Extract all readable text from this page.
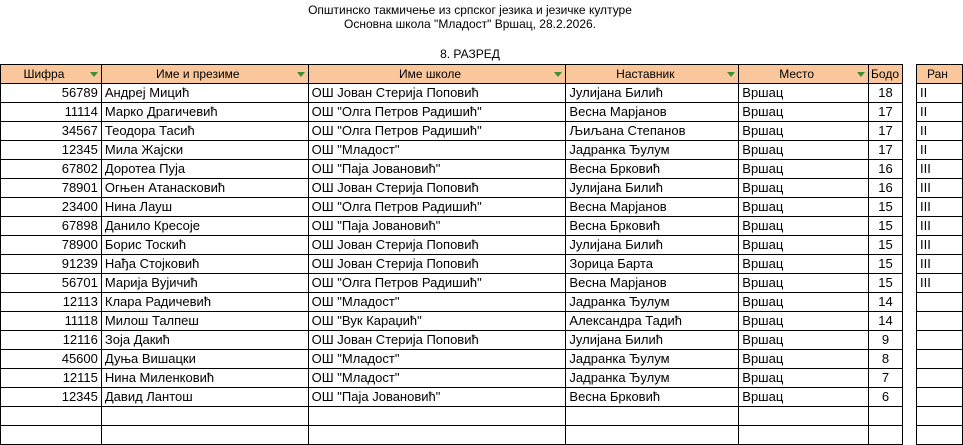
Општинско такмичење из српског језика и језичке културе
Основна школа "Младост" Вршац, 28.2.2026.
8. РАЗРЕД
Шифра	Име и презиме	Име школе	Наставник	Место	Бодо		Ран

56789	Андреј Мицић	ОШ Јован Стерија Поповић	Јулијана Билић	Вршац	18		II
11114	Марко Драгичевић	ОШ "Олга Петров Радишић"	Весна Марјанов	Вршац	17		II
34567	Теодора Тасић	ОШ "Олга Петров Радишић"	Љиљана Степанов	Вршац	17		II
12345	Мила Жајски	ОШ "Младост"	Јадранка Ђулум	Вршац	17		II
67802	Доротеа Пуја	ОШ "Паја Јовановић"	Весна Брковић	Вршац	16		III
78901	Огњен Атанасковић	ОШ Јован Стерија Поповић	Јулијана Билић	Вршац	16		III
23400	Нина Лауш	ОШ "Олга Петров Радишић"	Весна Марјанов	Вршац	15		III
67898	Данило Кресоје	ОШ "Паја Јовановић"	Весна Брковић	Вршац	15		III
78900	Борис Тоскић	ОШ Јован Стерија Поповић	Јулијана Билић	Вршац	15		III
91239	Нађа Стојковић	ОШ Јован Стерија Поповић	Зорица Барта	Вршац	15		III
56701	Марија Вујичић	ОШ "Олга Петров Радишић"	Весна Марјанов	Вршац	15		III
12113	Клара Радичевић	ОШ "Младост"	Јадранка Ђулум	Вршац	14		
11118	Милош Талпеш	ОШ "Вук Караџић"	Александра Тадић	Вршац	14		
12116	Зоја Дакић	ОШ Јован Стерија Поповић	Јулијана Билић	Вршац	9		
45600	Дуња Вишацки	ОШ "Младост"	Јадранка Ђулум	Вршац	8		
12115	Нина Миленковић	ОШ "Младост"	Јадранка Ђулум	Вршац	7		
12345	Давид Лантош	ОШ "Паја Јовановић"	Весна Брковић	Вршац	6		
